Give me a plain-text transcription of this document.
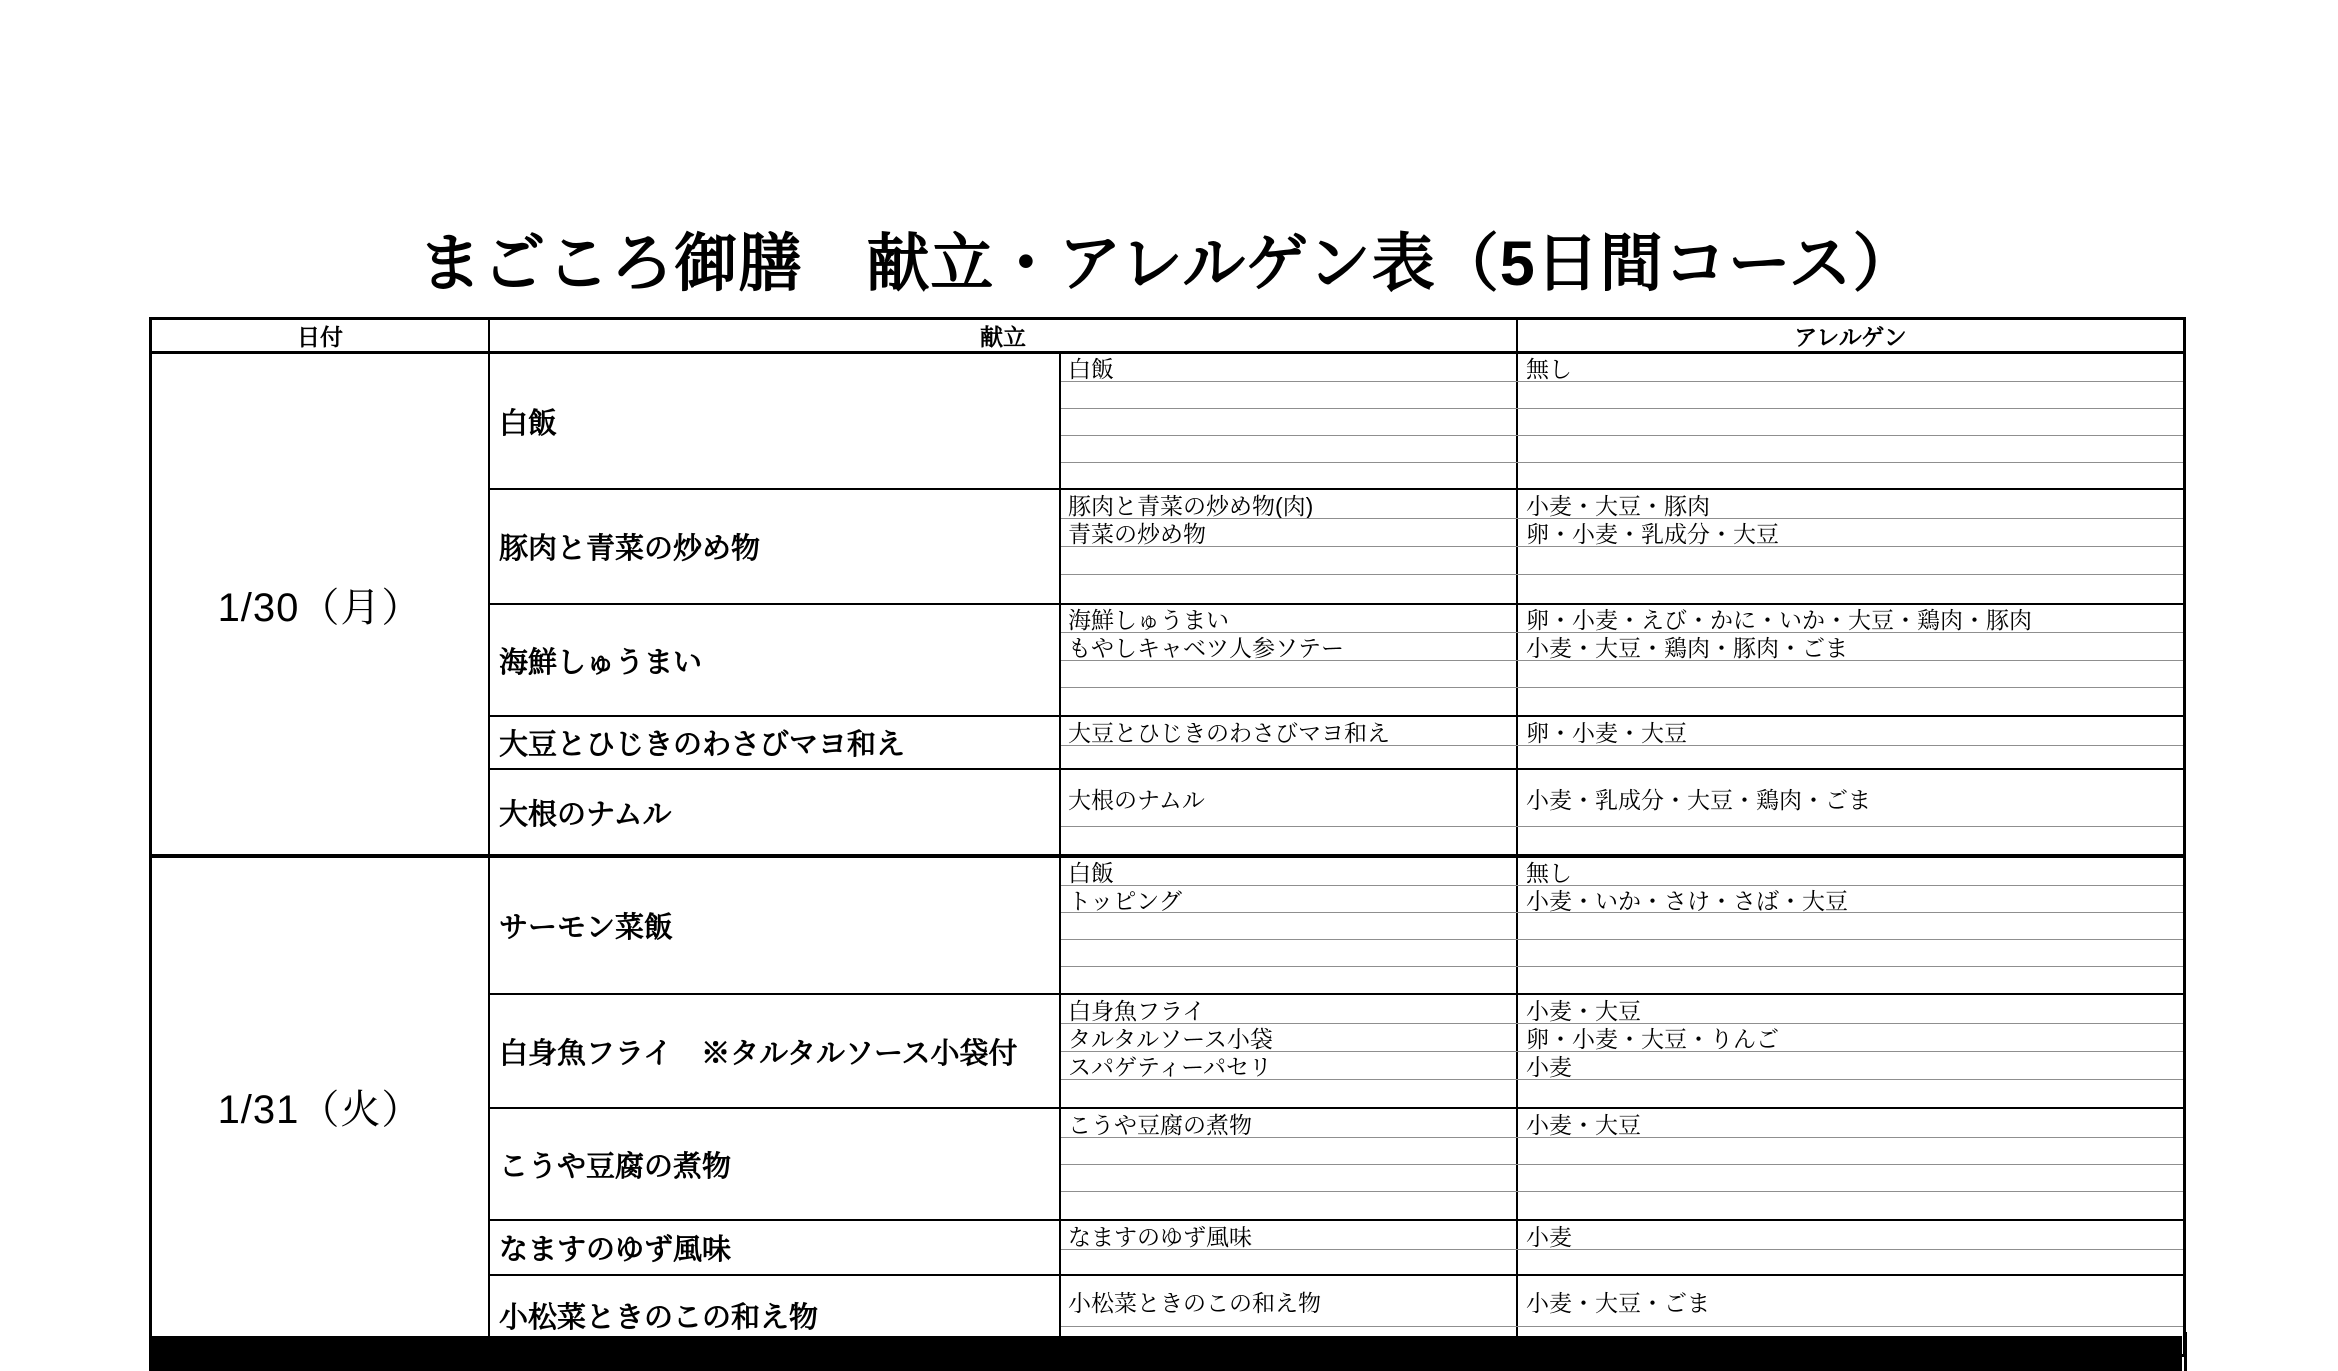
まごころ御膳　献立・アレルゲン表（5日間コース）
日付	献立	アレルゲン
1/30（月）
白飯
白飯	無し
豚肉と青菜の炒め物
豚肉と青菜の炒め物(肉)	小麦・大豆・豚肉
青菜の炒め物	卵・小麦・乳成分・大豆
海鮮しゅうまい
海鮮しゅうまい	卵・小麦・えび・かに・いか・大豆・鶏肉・豚肉
もやしキャベツ人参ソテー	小麦・大豆・鶏肉・豚肉・ごま
大豆とひじきのわさびマヨ和え	大豆とひじきのわさびマヨ和え	卵・小麦・大豆
大根のナムル	大根のナムル	小麦・乳成分・大豆・鶏肉・ごま
1/31（火）
サーモン菜飯
白飯	無し
トッピング	小麦・いか・さけ・さば・大豆
白身魚フライ　※タルタルソース小袋付
白身魚フライ	小麦・大豆
タルタルソース小袋	卵・小麦・大豆・りんご
スパゲティーパセリ	小麦
こうや豆腐の煮物
こうや豆腐の煮物	小麦・大豆
なますのゆず風味	なますのゆず風味	小麦
小松菜ときのこの和え物	小松菜ときのこの和え物	小麦・大豆・ごま
